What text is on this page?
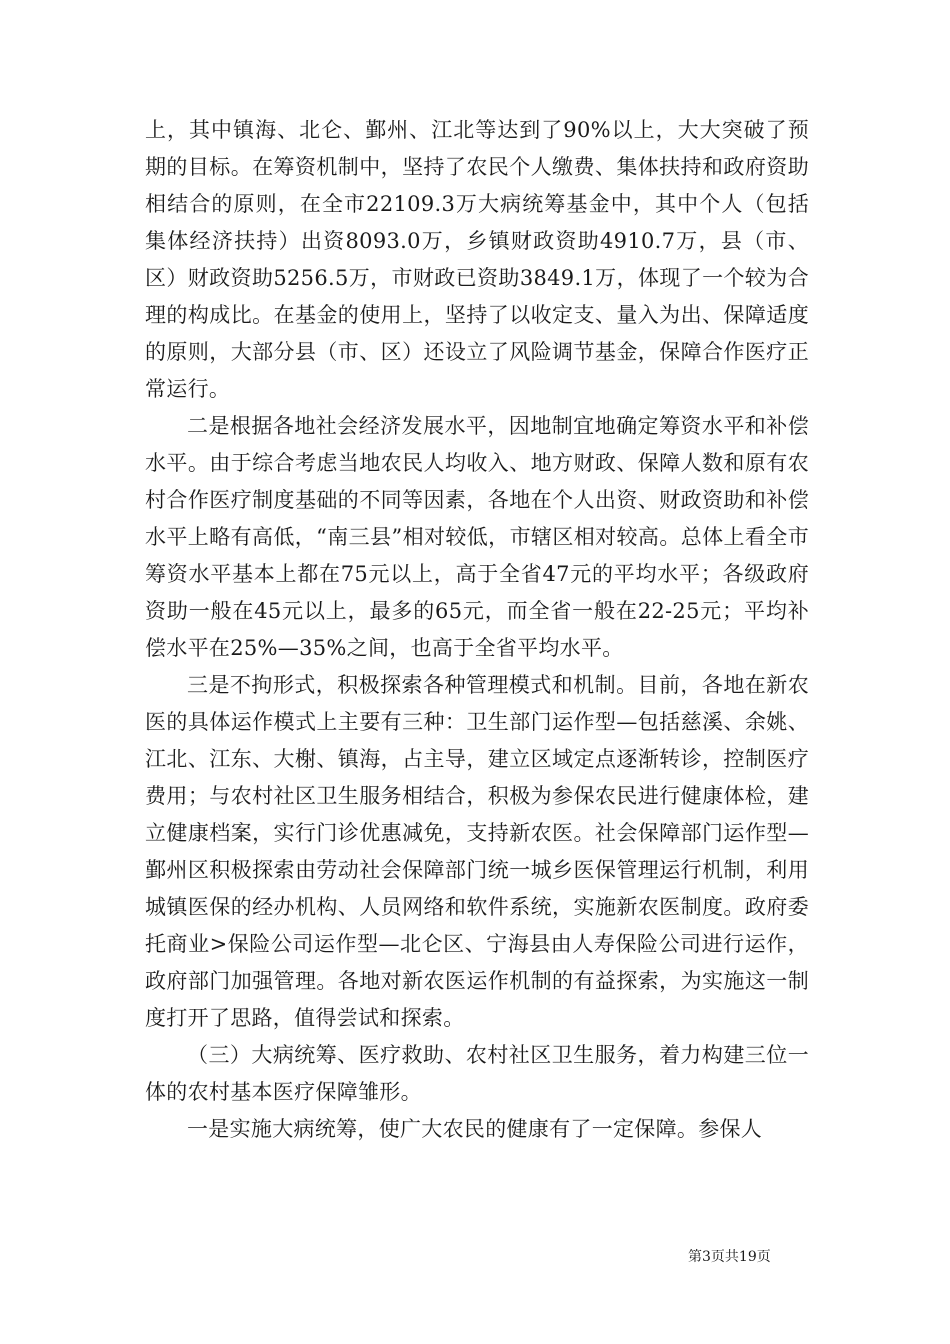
上，其中镇海、北仑、鄞州、江北等达到了90%以上，大大突破了预期的目标。在筹资机制中，坚持了农民个人缴费、集体扶持和政府资助相结合的原则，在全市22109.3万大病统筹基金中，其中个人（包括集体经济扶持）出资8093.0万，乡镇财政资助4910.7万，县（市、区）财政资助5256.5万，市财政已资助3849.1万，体现了一个较为合理的构成比。在基金的使用上，坚持了以收定支、量入为出、保障适度的原则，大部分县（市、区）还设立了风险调节基金，保障合作医疗正常运行。

二是根据各地社会经济发展水平，因地制宜地确定筹资水平和补偿水平。由于综合考虑当地农民人均收入、地方财政、保障人数和原有农村合作医疗制度基础的不同等因素，各地在个人出资、财政资助和补偿水平上略有高低，“南三县”相对较低，市辖区相对较高。总体上看全市筹资水平基本上都在75元以上，高于全省47元的平均水平；各级政府资助一般在45元以上，最多的65元，而全省一般在22-25元；平均补偿水平在25%—35%之间，也高于全省平均水平。

三是不拘形式，积极探索各种管理模式和机制。目前，各地在新农医的具体运作模式上主要有三种：卫生部门运作型—包括慈溪、余姚、江北、江东、大榭、镇海，占主导，建立区域定点逐渐转诊，控制医疗费用；与农村社区卫生服务相结合，积极为参保农民进行健康体检，建立健康档案，实行门诊优惠减免，支持新农医。社会保障部门运作型—鄞州区积极探索由劳动社会保障部门统一城乡医保管理运行机制，利用城镇医保的经办机构、人员网络和软件系统，实施新农医制度。政府委托商业>保险公司运作型—北仑区、宁海县由人寿保险公司进行运作，政府部门加强管理。各地对新农医运作机制的有益探索，为实施这一制度打开了思路，值得尝试和探索。

（三）大病统筹、医疗救助、农村社区卫生服务，着力构建三位一体的农村基本医疗保障雏形。

一是实施大病统筹，使广大农民的健康有了一定保障。参保人

第3页共19页
